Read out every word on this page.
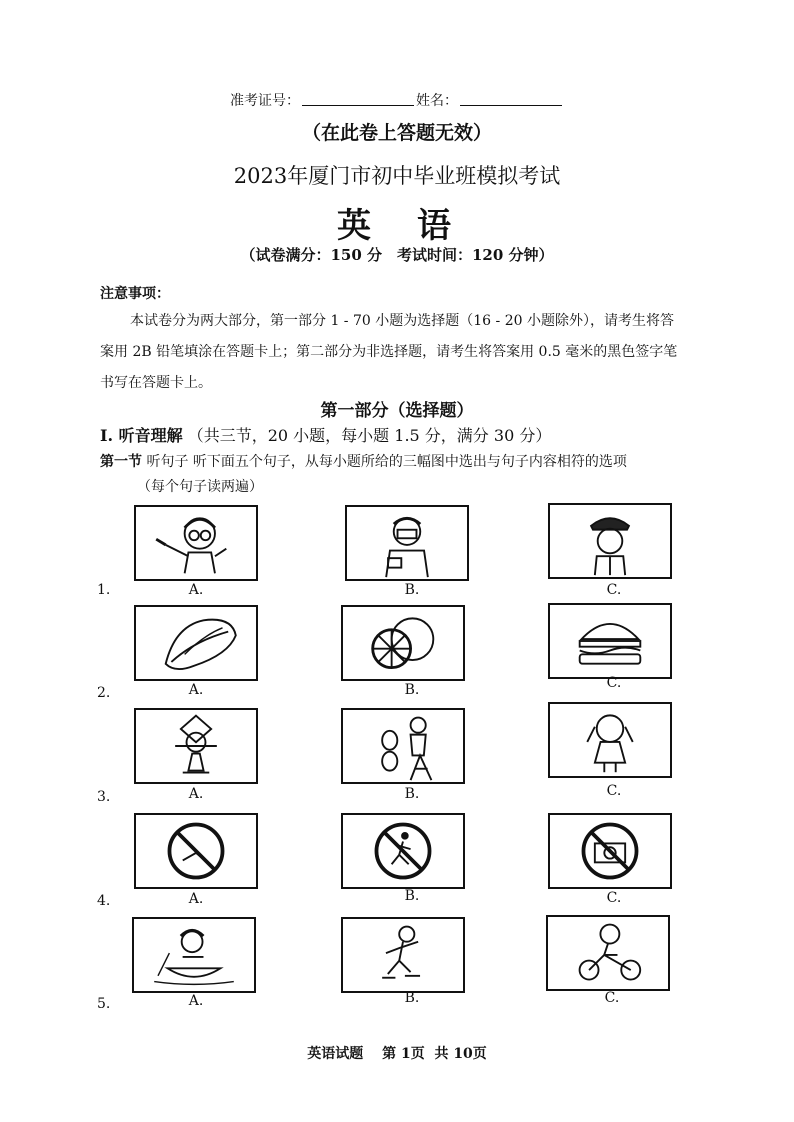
准考证号：	姓名：
（在此卷上答题无效）
2023年厦门市初中毕业班模拟考试
英　语
（试卷满分：150 分　考试时间：120 分钟）
注意事项：
本试卷分为两大部分，第一部分 1 - 70 小题为选择题（16 - 20 小题除外），请考生将答
案用 2B 铅笔填涂在答题卡上；第二部分为非选择题，请考生将答案用 0.5 毫米的黑色签字笔
书写在答题卡上。
第一部分（选择题）
I. 听音理解 （共三节，20 小题，每小题 1.5 分，满分 30 分）
第一节 听句子 听下面五个句子，从每小题所给的三幅图中选出与句子内容相符的选项
（每个句子读两遍）
A.	B.	C.
1.
A.	B.	C.
2.
A.	B.	C.
3.
A.	B.	C.
4.
A.	B.	C.
5.
英语试题　 第 1页  共 10页
